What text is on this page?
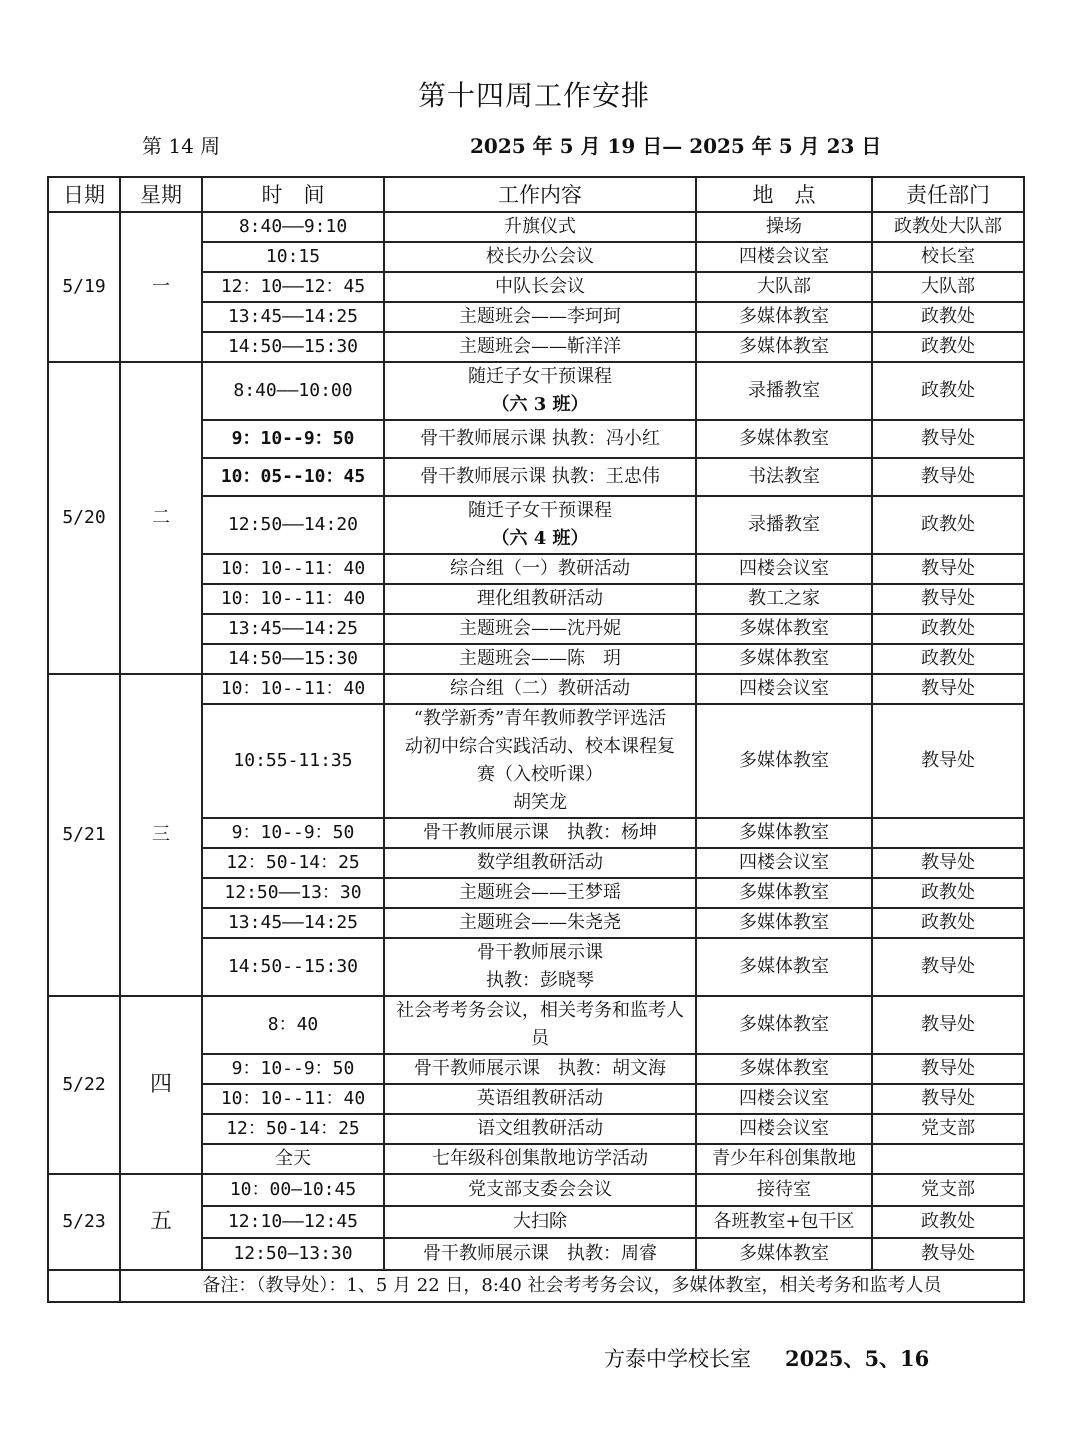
第十四周工作安排
第 14 周	2025 年 5 月 19 日— 2025 年 5 月 23 日
日期	星期	时　间	工作内容	地　点	责任部门
5/19	一	8:40——9:10	升旗仪式	操场	政教处大队部
		10:15	校长办公会议	四楼会议室	校长室
		12：10——12：45	中队长会议	大队部	大队部
		13:45——14:25	主题班会——李珂珂	多媒体教室	政教处
		14:50——15:30	主题班会——靳洋洋	多媒体教室	政教处
5/20	二	8:40——10:00	随迁子女干预课程
（六 3 班）	录播教室	政教处
		9：10--9：50	骨干教师展示课 执教：冯小红	多媒体教室	教导处
		10：05--10：45	骨干教师展示课 执教：王忠伟	书法教室	教导处
		12:50——14:20	随迁子女干预课程
（六 4 班）	录播教室	政教处
		10：10--11：40	综合组（一）教研活动	四楼会议室	教导处
		10：10--11：40	理化组教研活动	教工之家	教导处
		13:45——14:25	主题班会——沈丹妮	多媒体教室	政教处
		14:50——15:30	主题班会——陈　玥	多媒体教室	政教处
5/21	三	10：10--11：40	综合组（二）教研活动	四楼会议室	教导处
		10:55-11:35	“教学新秀”青年教师教学评选活
动初中综合实践活动、校本课程复
赛（入校听课）
胡笑龙	多媒体教室	教导处
		9：10--9：50	骨干教师展示课　执教：杨坤	多媒体教室	
		12：50-14：25	数学组教研活动	四楼会议室	教导处
		12:50——13：30	主题班会——王梦瑶	多媒体教室	政教处
		13:45——14:25	主题班会——朱尧尧	多媒体教室	政教处
		14:50--15:30	骨干教师展示课
执教：彭晓琴	多媒体教室	教导处
5/22	四	8：40	社会考考务会议，相关考务和监考人员	多媒体教室	教导处
		9：10--9：50	骨干教师展示课　执教：胡文海	多媒体教室	教导处
		10：10--11：40	英语组教研活动	四楼会议室	教导处
		12：50-14：25	语文组教研活动	四楼会议室	党支部
		全天	七年级科创集散地访学活动	青少年科创集散地	
5/23	五	10：00—10:45	党支部支委会会议	接待室	党支部
		12:10——12:45	大扫除	各班教室+包干区	政教处
		12:50—13:30	骨干教师展示课　执教：周睿	多媒体教室	教导处
	备注：（教导处）：1、5 月 22 日，8:40 社会考考务会议，多媒体教室，相关考务和监考人员				
方泰中学校长室 2025、5、16
